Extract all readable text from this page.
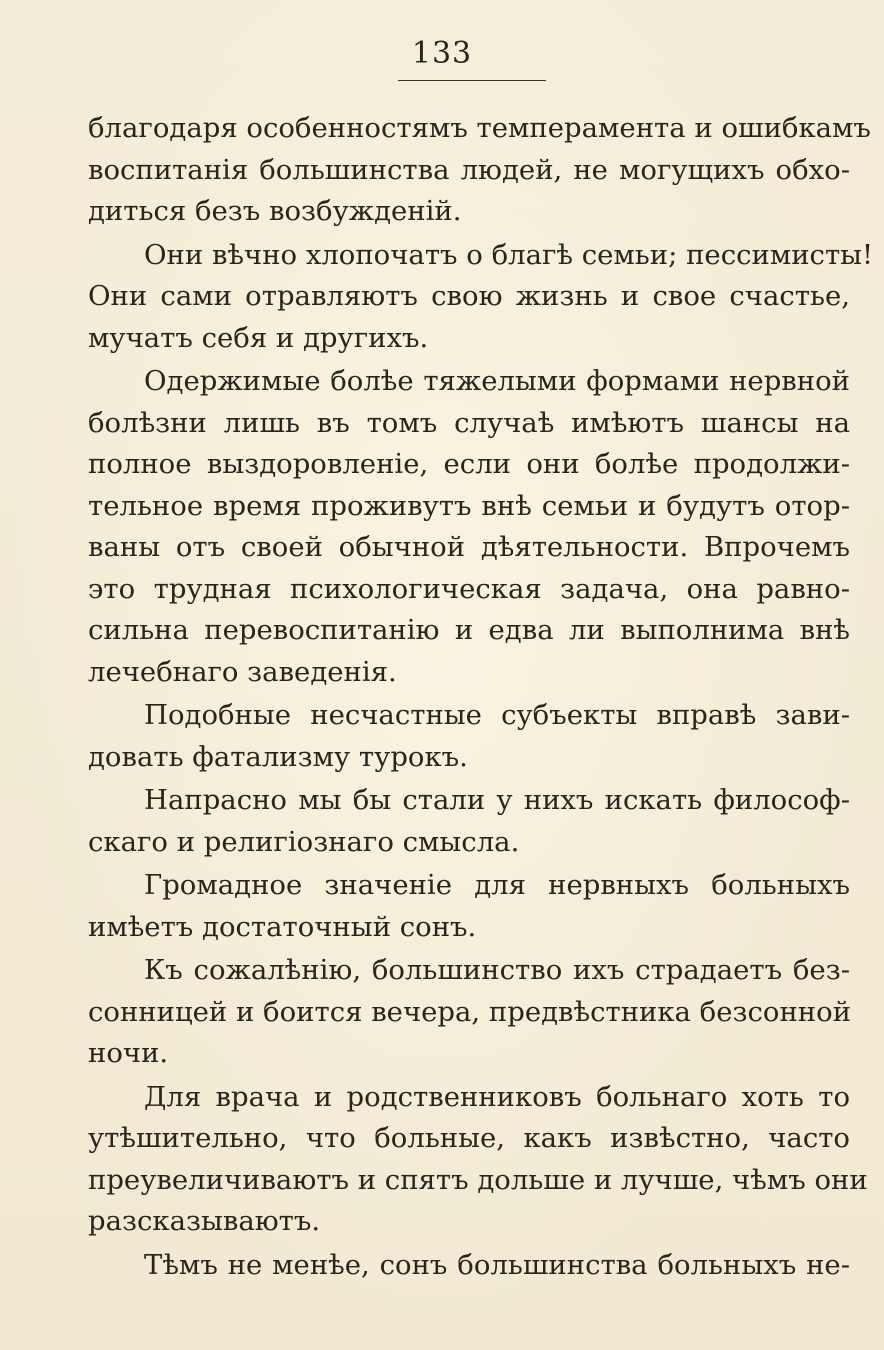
133
благодаря особенностямъ темперамента и ошибкамъ
воспитанія большинства людей, не могущихъ обхо-
диться безъ возбужденій.
Они вѣчно хлопочатъ о благѣ семьи; пессимисты!
Они сами отравляютъ свою жизнь и свое счастье,
мучатъ себя и другихъ.
Одержимые болѣе тяжелыми формами нервной
болѣзни лишь въ томъ случаѣ имѣютъ шансы на
полное выздоровленіе, если они болѣе продолжи-
тельное время проживутъ внѣ семьи и будутъ отор-
ваны отъ своей обычной дѣятельности. Впрочемъ
это трудная психологическая задача, она равно-
сильна перевоспитанію и едва ли выполнима внѣ
лечебнаго заведенія.
Подобные несчастные субъекты вправѣ зави-
довать фатализму турокъ.
Напрасно мы бы стали у нихъ искать философ-
скаго и религіознаго смысла.
Громадное значеніе для нервныхъ больныхъ
имѣетъ достаточный сонъ.
Къ сожалѣнію, большинство ихъ страдаетъ без-
сонницей и боится вечера, предвѣстника безсонной
ночи.
Для врача и родственниковъ больнаго хоть то
утѣшительно, что больные, какъ извѣстно, часто
преувеличиваютъ и спятъ дольше и лучше, чѣмъ они
разсказываютъ.
Тѣмъ не менѣе, сонъ большинства больныхъ не-
